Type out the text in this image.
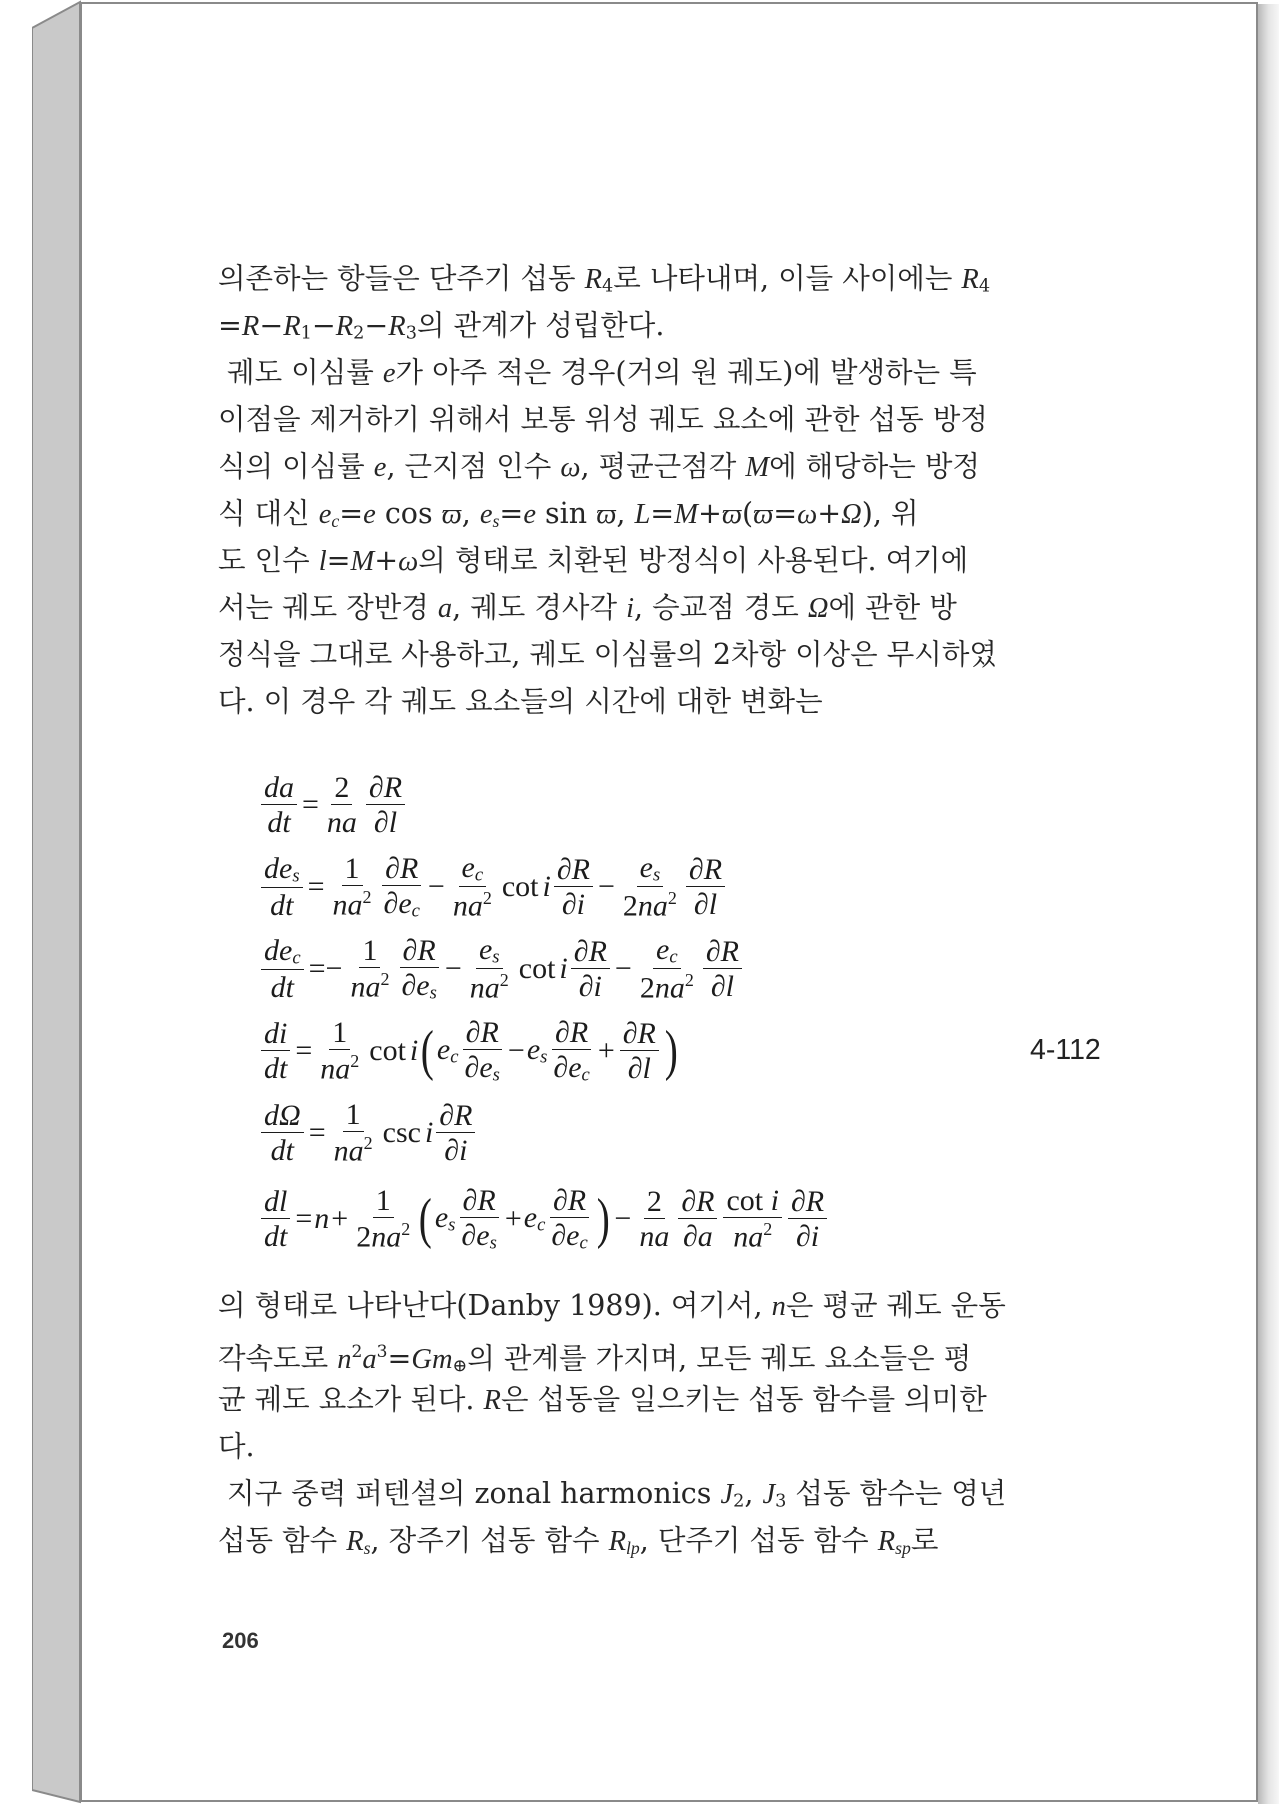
의존하는 항들은 단주기 섭동 R4로 나타내며, 이들 사이에는 R4
=R−R1−R2−R3의 관계가 성립한다.
궤도 이심률 e가 아주 적은 경우(거의 원 궤도)에 발생하는 특
이점을 제거하기 위해서 보통 위성 궤도 요소에 관한 섭동 방정
식의 이심률 e, 근지점 인수 ω, 평균근점각 M에 해당하는 방정
식 대신 ec=e cos ϖ, es=e sin ϖ, L=M+ϖ(ϖ=ω+Ω), 위
도 인수 l=M+ω의 형태로 치환된 방정식이 사용된다. 여기에
서는 궤도 장반경 a, 궤도 경사각 i, 승교점 경도 Ω에 관한 방
정식을 그대로 사용하고, 궤도 이심률의 2차항 이상은 무시하였
다. 이 경우 각 궤도 요소들의 시간에 대한 변화는
$\frac{da}{dt} = \frac{2}{na} \frac{\partial R}{\partial l}$
$\frac{\text{des}}{dt} = \frac{1}{na^2} \frac{\partial R}{\partial ec} - \frac{ec}{na^2}$ cot i $\frac{\partial R}{\partial i} - \frac{es}{2na^2} \frac{\partial R}{\partial l}$
$\frac{\text{dec}}{dt} =- \frac{1}{na^2} \frac{\partial R}{\partial es} - \frac{es}{na^2}$ cot i $\frac{\partial R}{\partial i} - \frac{ec}{2na^2} \frac{\partial R}{\partial l}$
$\frac{di}{dt} = \frac{1}{na^2}$ cot i ( ec $\frac{\partial R}{\partial es}$ − es $\frac{\partial R}{\partial ec} + \frac{\partial R}{\partial l}$ )	4-112
$\frac{d\Omega}{dt} = \frac{1}{na^2}$ csc i $\frac{\partial R}{\partial i}$
$\frac{dl}{dt} = n + \frac{1}{2na^2}$ ( es $\frac{\partial R}{\partial es}$ + ec $\frac{\partial R}{\partial ec}$ ) − $\frac{2}{na} \frac{\partial R}{\partial a} \frac{\text{cot i}}{na^2} \frac{\partial R}{\partial i}$
의 형태로 나타난다(Danby 1989). 여기서, n은 평균 궤도 운동
각속도로 $n^2a^3=Gm\oplus$의 관계를 가지며, 모든 궤도 요소들은 평
균 궤도 요소가 된다. R은 섭동을 일으키는 섭동 함수를 의미한
다.
지구 중력 퍼텐셜의 zonal harmonics J2, J3 섭동 함수는 영년
섭동 함수 Rs, 장주기 섭동 함수 Rlp, 단주기 섭동 함수 Rsp로
206
